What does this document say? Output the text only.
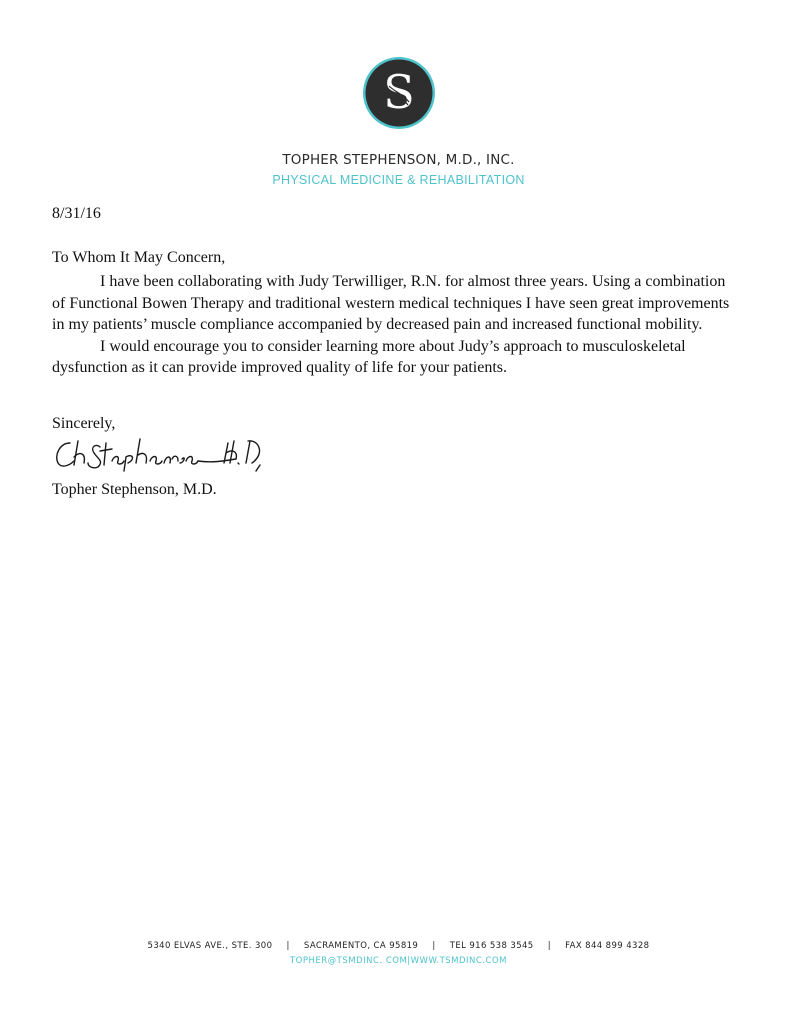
S
TOPHER STEPHENSON, M.D., INC.
PHYSICAL MEDICINE & REHABILITATION
8/31/16
To Whom It May Concern,

I have been collaborating with Judy Terwilliger, R.N. for almost three years. Using a combination of Functional Bowen Therapy and traditional western medical techniques I have seen great improvements in my patients’ muscle compliance accompanied by decreased pain and increased functional mobility.

I would encourage you to consider learning more about Judy’s approach to musculoskeletal dysfunction as it can provide improved quality of life for your patients.

Sincerely,
Topher Stephenson, M.D.
5340 ELVAS AVE., STE. 300 | SACRAMENTO, CA 95819 | TEL 916 538 3545 | FAX 844 899 4328
TOPHER@TSMDINC. COM|WWW.TSMDINC.COM
